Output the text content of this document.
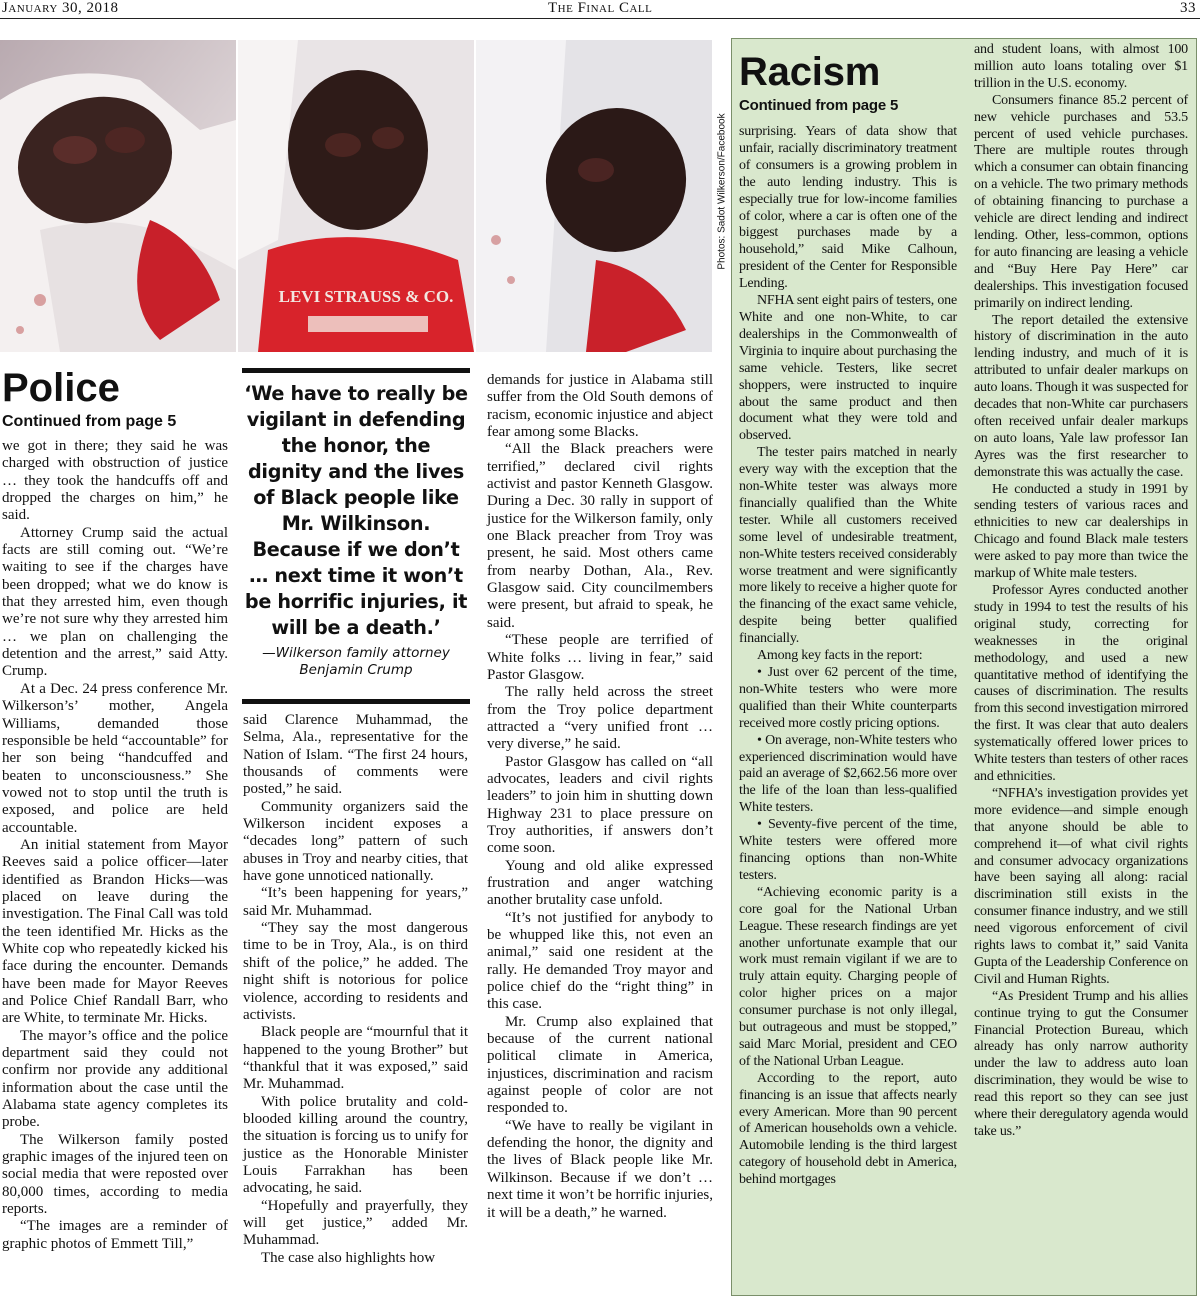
January 30, 2018	The Final Call	33
LEVI STRAUSS & CO.
Photos: Sadot Wilkerson/Facebook
Police

Continued from page 5

we got in there; they said he was charged with obstruction of justice … they took the handcuffs off and dropped the charges on him,” he said.

Attorney Crump said the actual facts are still coming out. “We’re waiting to see if the charges have been dropped; what we do know is that they arrested him, even though we’re not sure why they arrested him … we plan on challenging the detention and the arrest,” said Atty. Crump.

At a Dec. 24 press conference Mr. Wilkerson’s’ mother, Angela Williams, demanded those responsible be held “accountable” for her son being “handcuffed and beaten to unconsciousness.” She vowed not to stop until the truth is exposed, and police are held accountable.

An initial statement from Mayor Reeves said a police officer—later identified as Brandon Hicks—was placed on leave during the investigation. The Final Call was told the teen identified Mr. Hicks as the White cop who repeatedly kicked his face during the encounter. Demands have been made for Mayor Reeves and Police Chief Randall Barr, who are White, to terminate Mr. Hicks.

The mayor’s office and the police department said they could not confirm nor provide any additional information about the case until the Alabama state agency completes its probe.

The Wilkerson family posted graphic images of the injured teen on social media that were reposted over 80,000 times, according to media reports.

“The images are a reminder of graphic photos of Emmett Till,”

‘We have to really be vigilant in defending the honor, the dignity and the lives of Black people like Mr. Wilkinson. Because if we don’t … next time it won’t be horrific injuries, it will be a death.’

—Wilkerson family attorney Benjamin Crump

said Clarence Muhammad, the Selma, Ala., representative for the Nation of Islam. “The first 24 hours, thousands of comments were posted,” he said.

Community organizers said the Wilkerson incident exposes a “decades long” pattern of such abuses in Troy and nearby cities, that have gone unnoticed nationally.

“It’s been happening for years,” said Mr. Muhammad.

“They say the most dangerous time to be in Troy, Ala., is on third shift of the police,” he added. The night shift is notorious for police violence, according to residents and activists.

Black people are “mournful that it happened to the young Brother” but “thankful that it was exposed,” said Mr. Muhammad.

With police brutality and cold-blooded killing around the country, the situation is forcing us to unify for justice as the Honorable Minister Louis Farrakhan has been advocating, he said.

“Hopefully and prayerfully, they will get justice,” added Mr. Muhammad.

The case also highlights how

demands for justice in Alabama still suffer from the Old South demons of racism, economic injustice and abject fear among some Blacks.

“All the Black preachers were terrified,” declared civil rights activist and pastor Kenneth Glasgow. During a Dec. 30 rally in support of justice for the Wilkerson family, only one Black preacher from Troy was present, he said. Most others came from nearby Dothan, Ala., Rev. Glasgow said. City councilmembers were present, but afraid to speak, he said.

“These people are terrified of White folks … living in fear,” said Pastor Glasgow.

The rally held across the street from the Troy police department attracted a “very unified front … very diverse,” he said.

Pastor Glasgow has called on “all advocates, leaders and civil rights leaders” to join him in shutting down Highway 231 to place pressure on Troy authorities, if answers don’t come soon.

Young and old alike expressed frustration and anger watching another brutality case unfold.

“It’s not justified for anybody to be whupped like this, not even an animal,” said one resident at the rally. He demanded Troy mayor and police chief do the “right thing” in this case.

Mr. Crump also explained that because of the current national political climate in America, injustices, discrimination and racism against people of color are not responded to.

“We have to really be vigilant in defending the honor, the dignity and the lives of Black people like Mr. Wilkinson. Because if we don’t … next time it won’t be horrific injuries, it will be a death,” he warned.

Racism

Continued from page 5

surprising. Years of data show that unfair, racially discriminatory treatment of consumers is a growing problem in the auto lending industry. This is especially true for low-income families of color, where a car is often one of the biggest purchases made by a household,” said Mike Calhoun, president of the Center for Responsible Lending.

NFHA sent eight pairs of testers, one White and one non-White, to car dealerships in the Commonwealth of Virginia to inquire about purchasing the same vehicle. Testers, like secret shoppers, were instructed to inquire about the same product and then document what they were told and observed.

The tester pairs matched in nearly every way with the exception that the non-White tester was always more financially qualified than the White tester. While all customers received some level of undesirable treatment, non-White testers received considerably worse treatment and were significantly more likely to receive a higher quote for the financing of the exact same vehicle, despite being better qualified financially.

Among key facts in the report:

• Just over 62 percent of the time, non-White testers who were more qualified than their White counterparts received more costly pricing options.

• On average, non-White testers who experienced discrimination would have paid an average of $2,662.56 more over the life of the loan than less-qualified White testers.

• Seventy-five percent of the time, White testers were offered more financing options than non-White testers.

“Achieving economic parity is a core goal for the National Urban League. These research findings are yet another unfortunate example that our work must remain vigilant if we are to truly attain equity. Charging people of color higher prices on a major consumer purchase is not only illegal, but outrageous and must be stopped,” said Marc Morial, president and CEO of the National Urban League.

According to the report, auto financing is an issue that affects nearly every American. More than 90 percent of American households own a vehicle. Automobile lending is the third largest category of household debt in America, behind mortgages

and student loans, with almost 100 million auto loans totaling over $1 trillion in the U.S. economy.

Consumers finance 85.2 percent of new vehicle purchases and 53.5 percent of used vehicle purchases. There are multiple routes through which a consumer can obtain financing on a vehicle. The two primary methods of obtaining financing to purchase a vehicle are direct lending and indirect lending. Other, less-common, options for auto financing are leasing a vehicle and “Buy Here Pay Here” car dealerships. This investigation focused primarily on indirect lending.

The report detailed the extensive history of discrimination in the auto lending industry, and much of it is attributed to unfair dealer markups on auto loans. Though it was suspected for decades that non-White car purchasers often received unfair dealer markups on auto loans, Yale law professor Ian Ayres was the first researcher to demonstrate this was actually the case.

He conducted a study in 1991 by sending testers of various races and ethnicities to new car dealerships in Chicago and found Black male testers were asked to pay more than twice the markup of White male testers.

Professor Ayres conducted another study in 1994 to test the results of his original study, correcting for weaknesses in the original methodology, and used a new quantitative method of identifying the causes of discrimination. The results from this second investigation mirrored the first. It was clear that auto dealers systematically offered lower prices to White testers than testers of other races and ethnicities.

“NFHA’s investigation provides yet more evidence—and simple enough that anyone should be able to comprehend it—of what civil rights and consumer advocacy organizations have been saying all along: racial discrimination still exists in the consumer finance industry, and we still need vigorous enforcement of civil rights laws to combat it,” said Vanita Gupta of the Leadership Conference on Civil and Human Rights.

“As President Trump and his allies continue trying to gut the Consumer Financial Protection Bureau, which already has only narrow authority under the law to address auto loan discrimination, they would be wise to read this report so they can see just where their deregulatory agenda would take us.”
